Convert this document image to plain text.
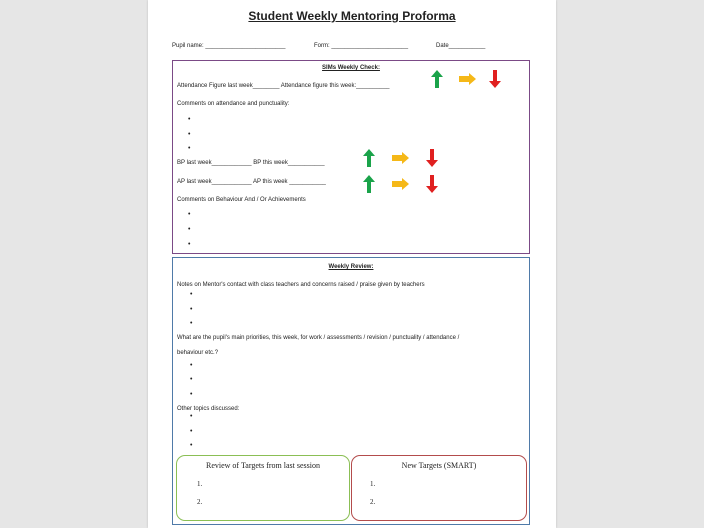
Student Weekly Mentoring Proforma
Pupil name: ________________________	Form: _______________________	Date___________
SIMs Weekly Check:
Attendance Figure last week________ Attendance figure this week:__________
Comments on attendance and punctuality:
•
•
•
BP last week____________ BP this week___________
AP last week____________ AP this week ___________
Comments on Behaviour And / Or Achievements
•
•
•
Weekly Review:
Notes on Mentor's contact with class teachers and concerns raised / praise given by teachers
•
•
•
What are the pupil's main priorities, this week, for work / assessments / revision / punctuality / attendance /
behaviour etc.?
•
•
•
Other topics discussed:
•
•
•
Review of Targets from last session
1.
2.
New Targets (SMART)
1.
2.
